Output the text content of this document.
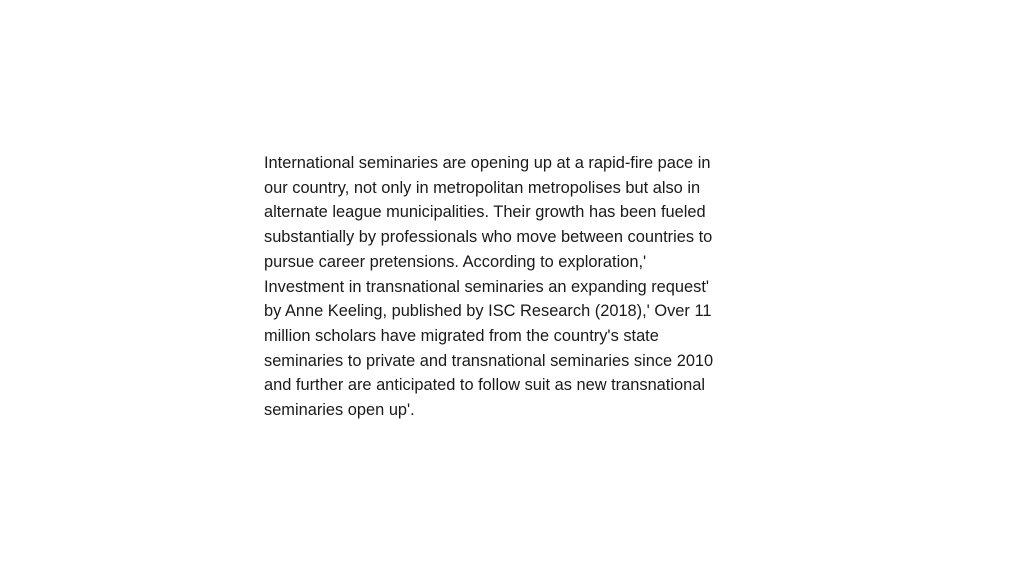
International seminaries are opening up at a rapid-fire pace in
our country, not only in metropolitan metropolises but also in
alternate league municipalities. Their growth has been fueled
substantially by professionals who move between countries to
pursue career pretensions. According to exploration,'
Investment in transnational seminaries an expanding request'
by Anne Keeling, published by ISC Research (2018),' Over 11
million scholars have migrated from the country's state
seminaries to private and transnational seminaries since 2010
and further are anticipated to follow suit as new transnational
seminaries open up'.
